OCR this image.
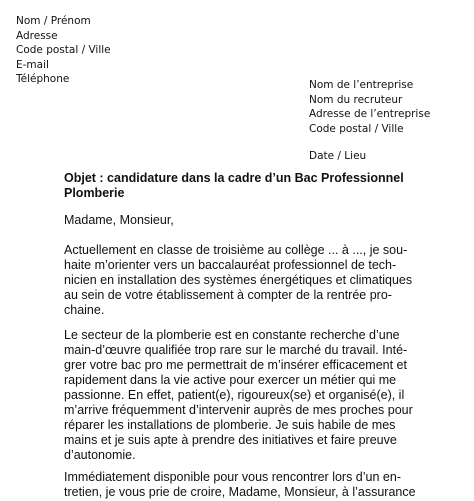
Nom / Prénom
Adresse
Code postal / Ville
E-mail
Téléphone	Nom de l’entreprise
Nom du recruteur
Adresse de l’entreprise
Code postal / Ville
Date / Lieu
Objet : candidature dans la cadre d’un Bac Professionnel
Plomberie
Madame, Monsieur,
Actuellement en classe de troisième au collège ... à ..., je sou-
haite m’orienter vers un baccalauréat professionnel de tech-
nicien en installation des systèmes énergétiques et climatiques
au sein de votre établissement à compter de la rentrée pro-
chaine.
Le secteur de la plomberie est en constante recherche d’une
main-d’œuvre qualifiée trop rare sur le marché du travail. Inté-
grer votre bac pro me permettrait de m’insérer efficacement et
rapidement dans la vie active pour exercer un métier qui me
passionne. En effet, patient(e), rigoureux(se) et organisé(e), il
m’arrive fréquemment d’intervenir auprès de mes proches pour
réparer les installations de plomberie. Je suis habile de mes
mains et je suis apte à prendre des initiatives et faire preuve
d’autonomie.
Immédiatement disponible pour vous rencontrer lors d’un en-
tretien, je vous prie de croire, Madame, Monsieur, à l’assurance
